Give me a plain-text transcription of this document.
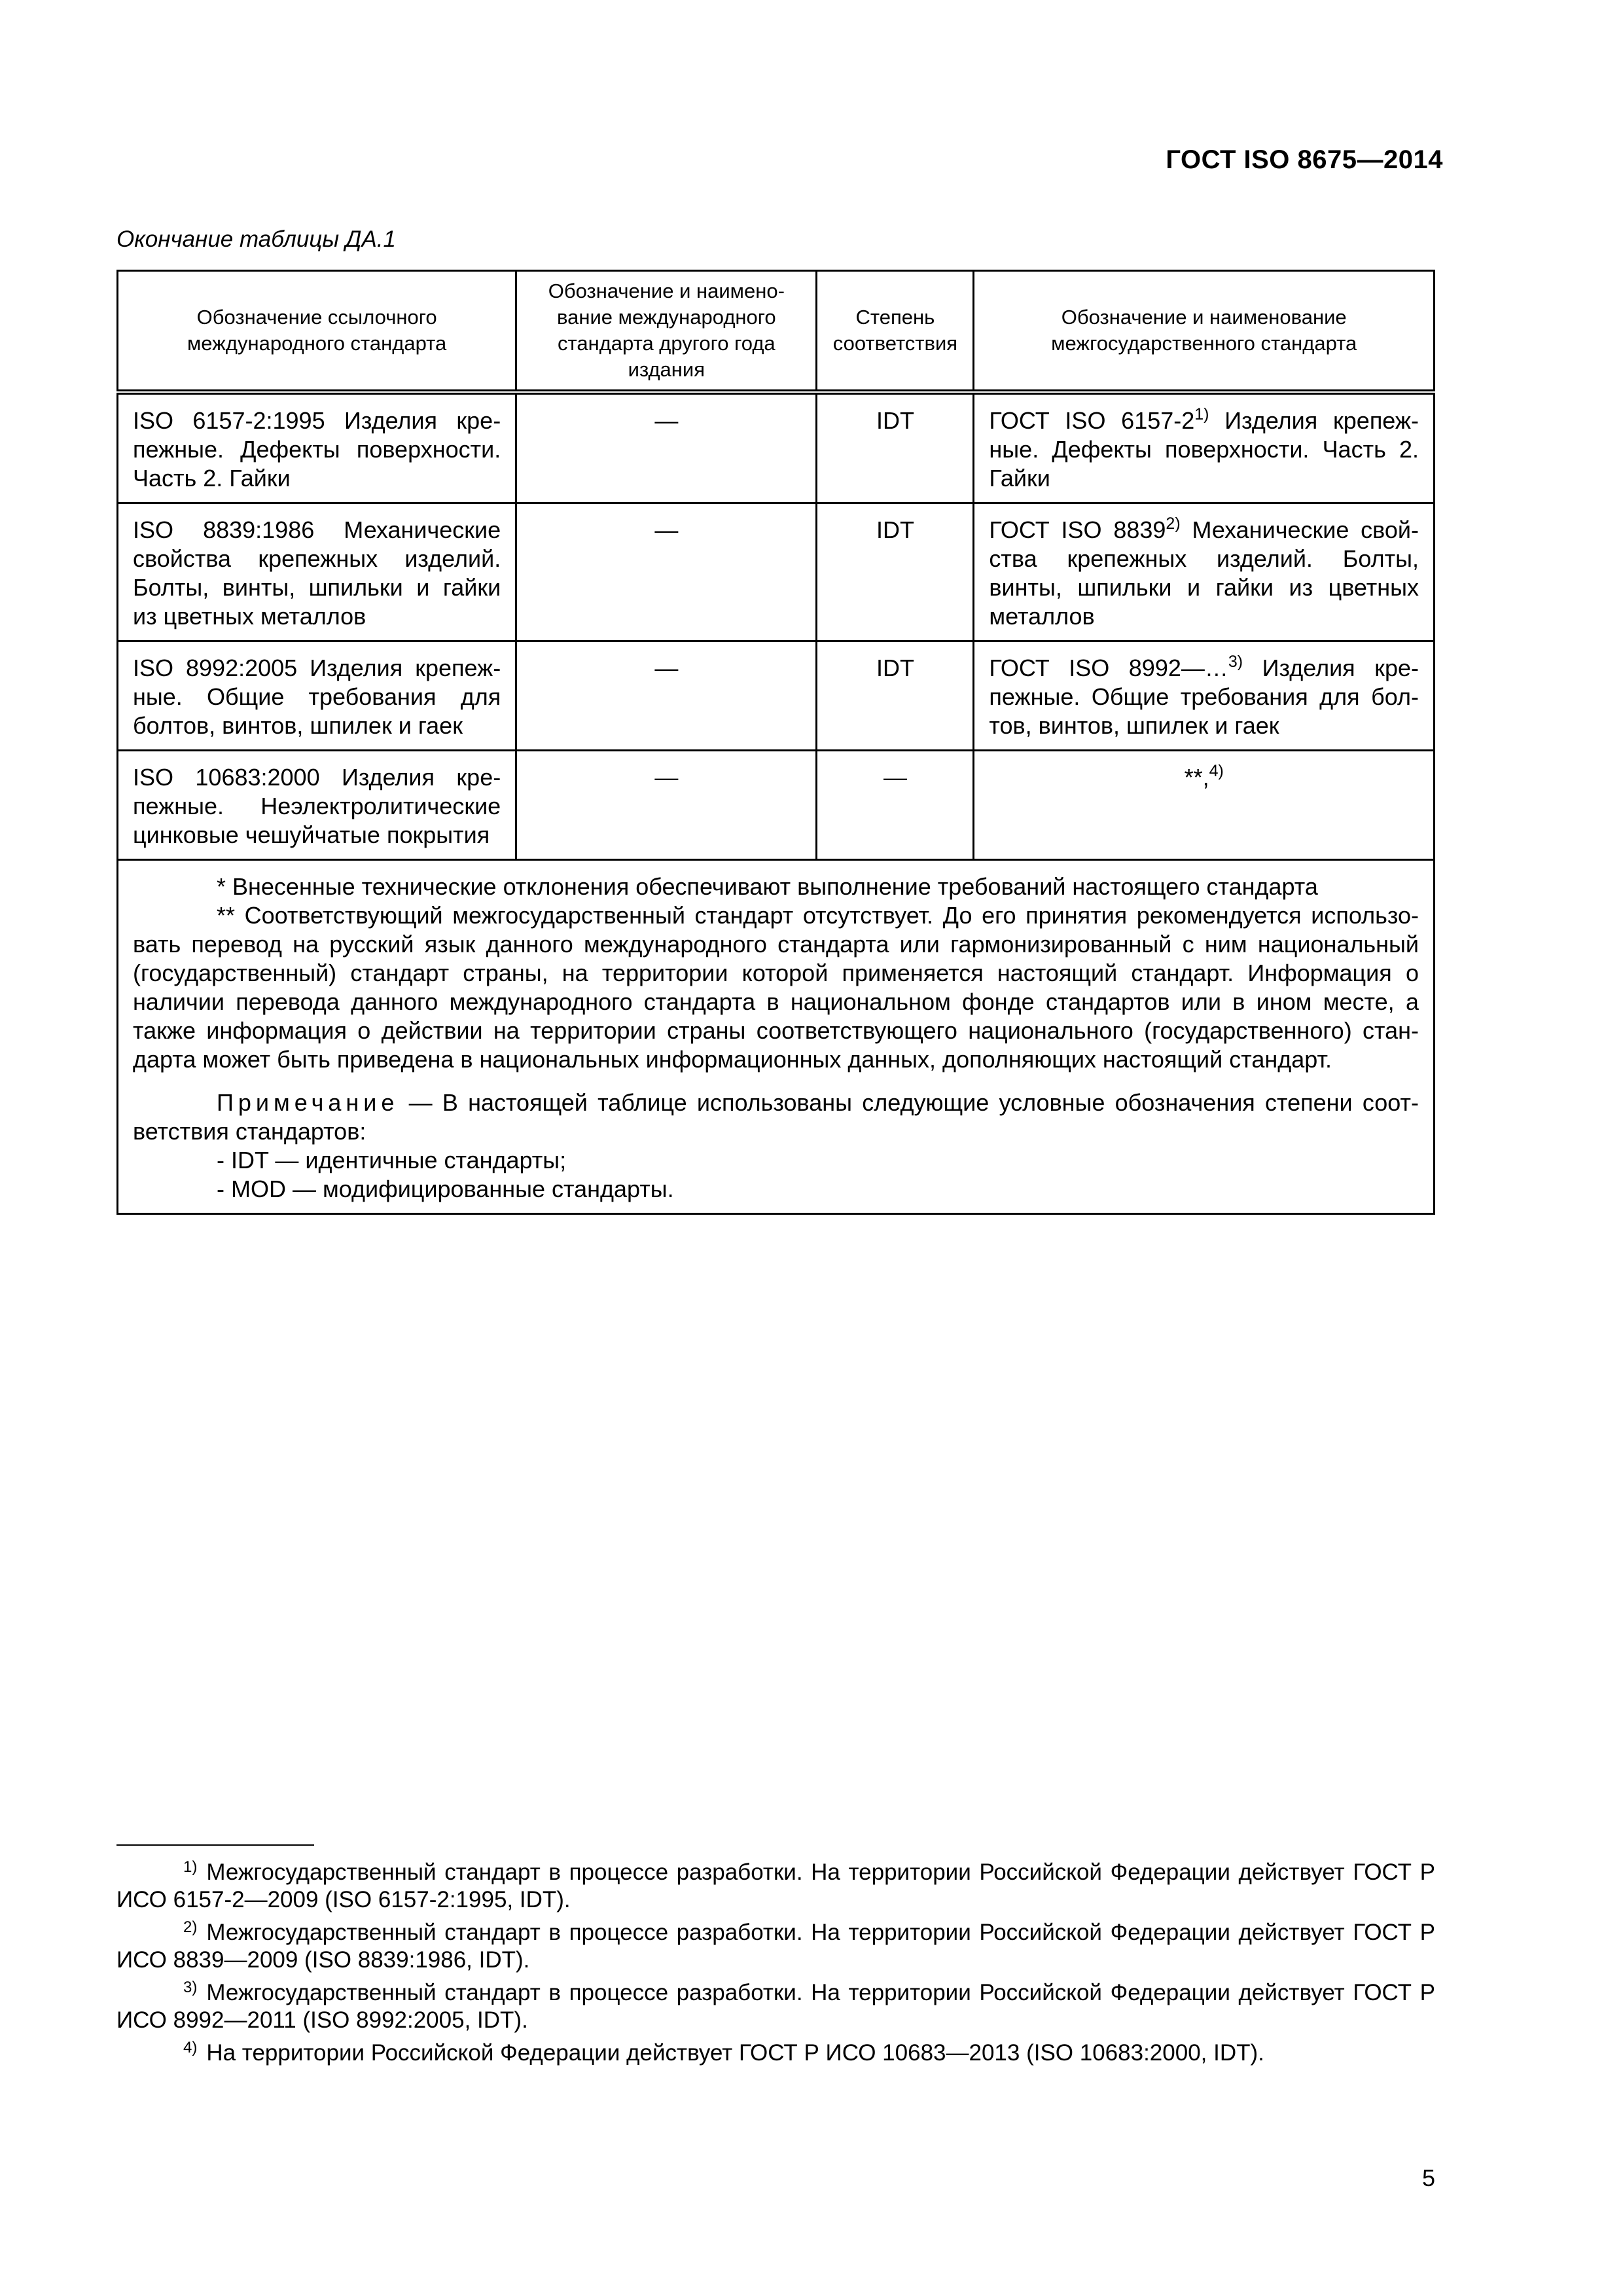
ГОСТ ISO 8675—2014
Окончание таблицы ДА.1
Обозначение ссылочного международного стандарта	Обозначение и наимено-вание международного стандарта другого года издания	Степень соответствия	Обозначение и наименование межгосударственного стандарта
ISO 6157-2:1995 Изделия кре-пежные. Дефекты поверхности. Часть 2. Гайки	—	IDT	ГОСТ ISO 6157-2$^{1)}$ Изделия крепеж-ные. Дефекты поверхности. Часть 2. Гайки
ISO 8839:1986 Механические свойства крепежных изделий. Болты, винты, шпильки и гайки из цветных металлов	—	IDT	ГОСТ ISO 8839$^{2)}$ Механические свой-ства крепежных изделий. Болты, винты, шпильки и гайки из цветных металлов
ISO 8992:2005 Изделия крепеж-ные. Общие требования для болтов, винтов, шпилек и гаек	—	IDT	ГОСТ ISO 8992—…$^{3)}$ Изделия кре-пежные. Общие требования для бол-тов, винтов, шпилек и гаек
ISO 10683:2000 Изделия кре-пежные. Неэлектролитические цинковые чешуйчатые покрытия	—	—	**,$^{4)}$

* Внесенные технические отклонения обеспечивают выполнение требований настоящего стандарта

** Соответствующий межгосударственный стандарт отсутствует. До его принятия рекомендуется использо-вать перевод на русский язык данного международного стандарта или гармонизированный с ним национальный (государственный) стандарт страны, на территории которой применяется настоящий стандарт. Информация о наличии перевода данного международного стандарта в национальном фонде стандартов или в ином месте, а также информация о действии на территории страны соответствующего национального (государственного) стан-дарта может быть приведена в национальных информационных данных, дополняющих настоящий стандарт.

Примечание — В настоящей таблице использованы следующие условные обозначения степени соот-ветствия стандартов:

- IDT — идентичные стандарты;

- MOD — модифицированные стандарты.			

$^{1)}$ Межгосударственный стандарт в процессе разработки. На территории Российской Федерации действует ГОСТ Р ИСО 6157-2—2009 (ISO 6157-2:1995, IDT).

$^{2)}$ Межгосударственный стандарт в процессе разработки. На территории Российской Федерации действует ГОСТ Р ИСО 8839—2009 (ISO 8839:1986, IDT).

$^{3)}$ Межгосударственный стандарт в процессе разработки. На территории Российской Федерации действует ГОСТ Р ИСО 8992—2011 (ISO 8992:2005, IDT).

$^{4)}$ На территории Российской Федерации действует ГОСТ Р ИСО 10683—2013 (ISO 10683:2000, IDT).

5
